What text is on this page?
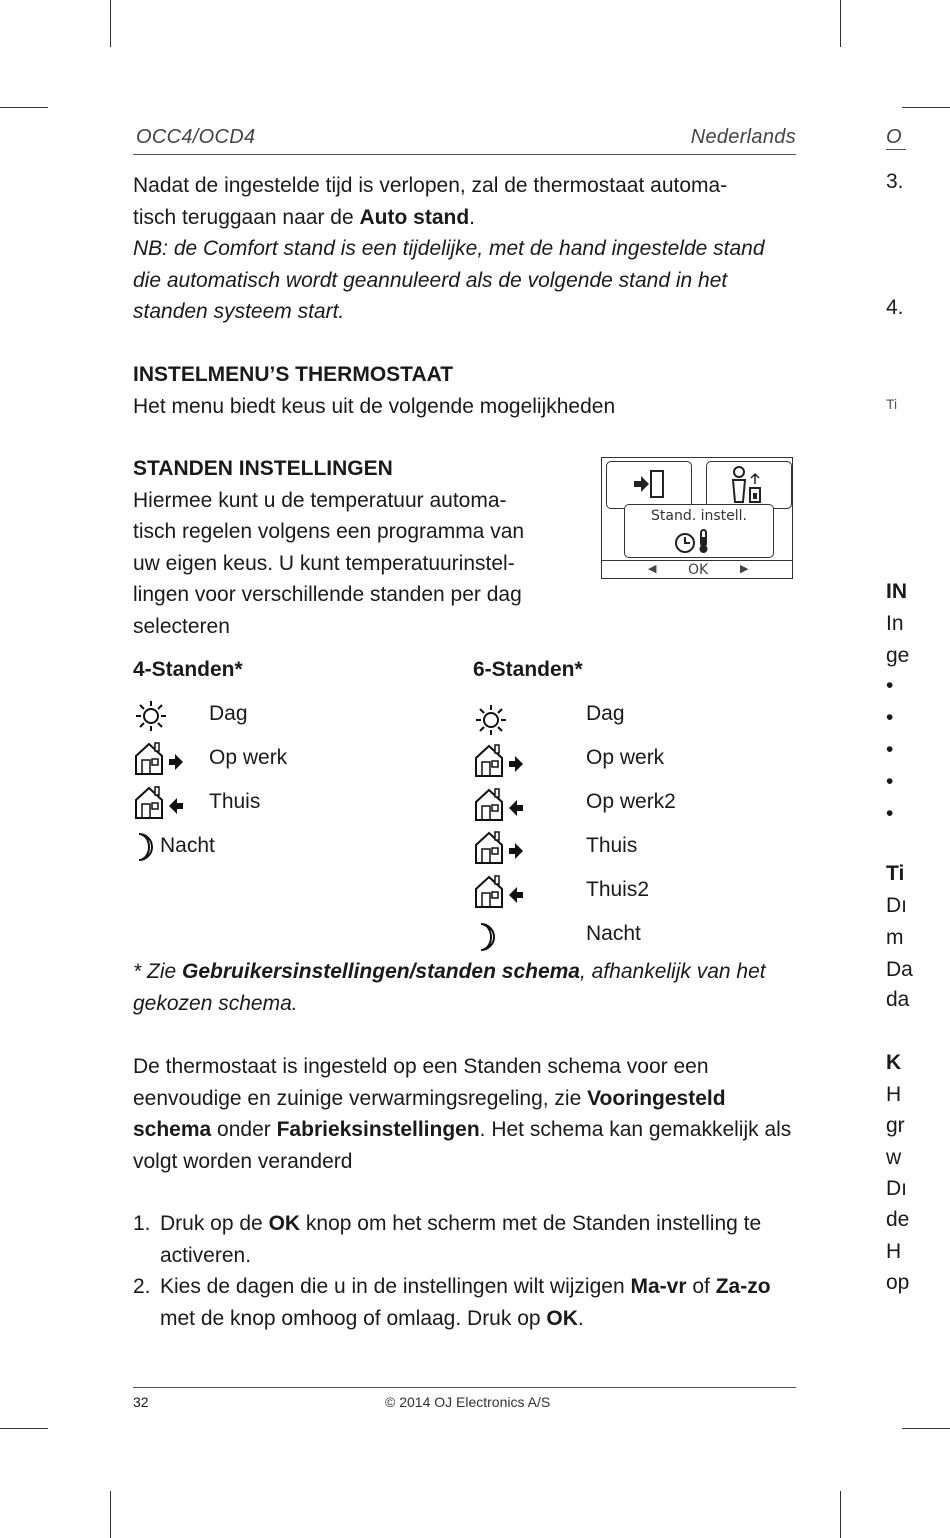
OCC4/OCD4	Nederlands
Nadat de ingestelde tijd is verlopen, zal de thermostaat automa-
tisch teruggaan naar de Auto stand.
NB: de Comfort stand is een tijdelijke, met de hand ingestelde stand die automatisch wordt geannuleerd als de volgende stand in het standen systeem start.
INSTELMENU’S THERMOSTAAT
Het menu biedt keus uit de volgende mogelijkheden
STANDEN INSTELLINGEN
Hiermee kunt u de temperatuur automa-
tisch regelen volgens een programma van
uw eigen keus. U kunt temperatuurinstel-
lingen voor verschillende standen per dag
selecteren
Stand. instell.
◀ OK	▶
4-Standen*
Dag
Op werk
Thuis
Nacht
6-Standen*
Dag
Op werk
Op werk2
Thuis
Thuis2
Nacht
* Zie Gebruikersinstellingen/standen schema, afhankelijk van het gekozen schema.
De thermostaat is ingesteld op een Standen schema voor een eenvoudige en zuinige verwarmingsregeling, zie Vooringesteld schema onder Fabrieksinstellingen. Het schema kan gemakkelijk als volgt worden veranderd
1. Druk op de OK knop om het scherm met de Standen instelling te activeren.
2. Kies de dagen die u in de instellingen wilt wijzigen Ma-vr of Za-zo met de knop omhoog of omlaag. Druk op OK.
32	© 2014 OJ Electronics A/S
O
3.
4.
Ti
IN
In
ge
•
•
•
•
•
Ti
Dı
m
Da
da
K
H
gr
w
Dı
de
H
op
